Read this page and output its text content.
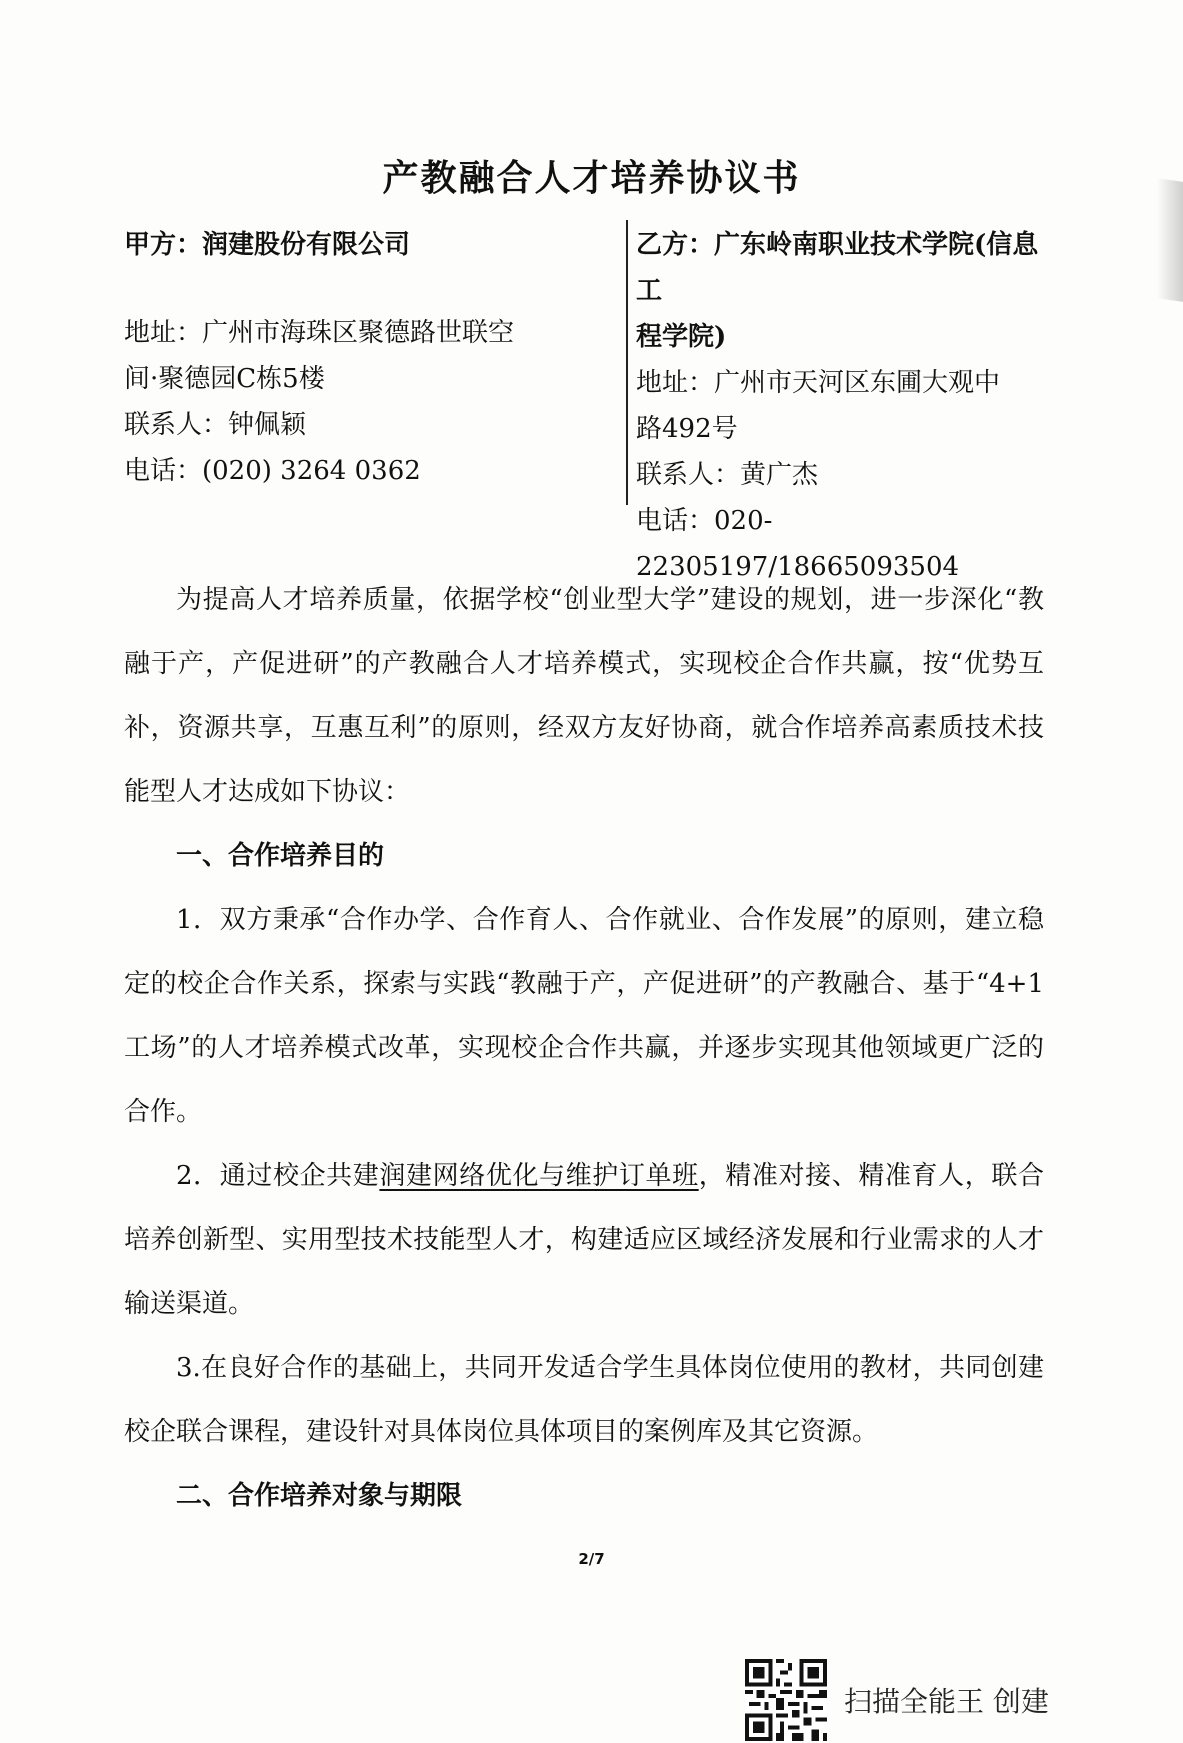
产教融合人才培养协议书

甲方：润建股份有限公司

地址：广州市海珠区聚德路世联空

间·聚德园C栋5楼

联系人：钟佩颖

电话：(020) 3264 0362

乙方：广东岭南职业技术学院(信息工

程学院)

地址：广州市天河区东圃大观中

路492号

联系人：黄广杰

电话：020-22305197/18665093504

为提高人才培养质量，依据学校“创业型大学”建设的规划，进一步深化“教融于产，产促进研”的产教融合人才培养模式，实现校企合作共赢，按“优势互补，资源共享，互惠互利”的原则，经双方友好协商，就合作培养高素质技术技能型人才达成如下协议：

一、合作培养目的

1．双方秉承“合作办学、合作育人、合作就业、合作发展”的原则，建立稳定的校企合作关系，探索与实践“教融于产，产促进研”的产教融合、基于“4+1工场”的人才培养模式改革，实现校企合作共赢，并逐步实现其他领域更广泛的合作。

2．通过校企共建润建网络优化与维护订单班，精准对接、精准育人，联合培养创新型、实用型技术技能型人才，构建适应区域经济发展和行业需求的人才输送渠道。

3.在良好合作的基础上，共同开发适合学生具体岗位使用的教材，共同创建校企联合课程，建设针对具体岗位具体项目的案例库及其它资源。

二、合作培养对象与期限

2/7
扫描全能王 创建
